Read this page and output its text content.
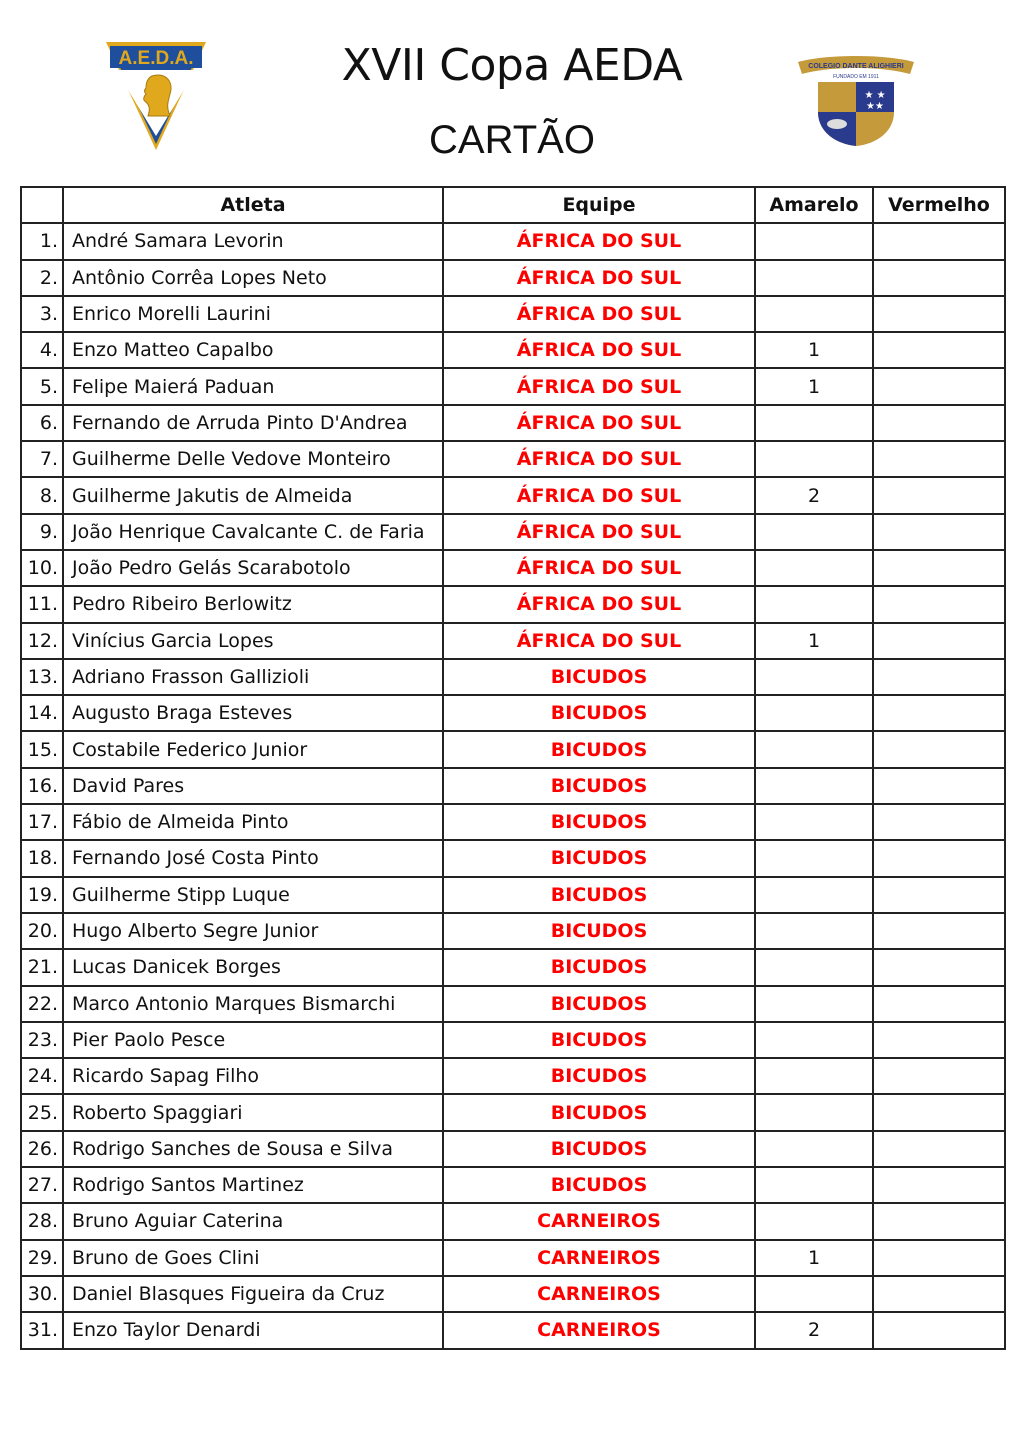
A.E.D.A.	XVII Copa AEDA
CARTÃO
COLEGIO DANTE ALIGHIERI
FUNDADO EM 1911
★ ★
★★
	Atleta	Equipe	Amarelo	Vermelho
1.	André Samara Levorin	ÁFRICA DO SUL		
2.	Antônio Corrêa Lopes Neto	ÁFRICA DO SUL		
3.	Enrico Morelli Laurini	ÁFRICA DO SUL		
4.	Enzo Matteo Capalbo	ÁFRICA DO SUL	1	
5.	Felipe Maierá Paduan	ÁFRICA DO SUL	1	
6.	Fernando de Arruda Pinto D'Andrea	ÁFRICA DO SUL		
7.	Guilherme Delle Vedove Monteiro	ÁFRICA DO SUL		
8.	Guilherme Jakutis de Almeida	ÁFRICA DO SUL	2	
9.	João Henrique Cavalcante C. de Faria	ÁFRICA DO SUL		
10.	João Pedro Gelás Scarabotolo	ÁFRICA DO SUL		
11.	Pedro Ribeiro Berlowitz	ÁFRICA DO SUL		
12.	Vinícius Garcia Lopes	ÁFRICA DO SUL	1	
13.	Adriano Frasson Gallizioli	BICUDOS		
14.	Augusto Braga Esteves	BICUDOS		
15.	Costabile Federico Junior	BICUDOS		
16.	David Pares	BICUDOS		
17.	Fábio de Almeida Pinto	BICUDOS		
18.	Fernando José Costa Pinto	BICUDOS		
19.	Guilherme Stipp Luque	BICUDOS		
20.	Hugo Alberto Segre Junior	BICUDOS		
21.	Lucas Danicek Borges	BICUDOS		
22.	Marco Antonio Marques Bismarchi	BICUDOS		
23.	Pier Paolo Pesce	BICUDOS		
24.	Ricardo Sapag Filho	BICUDOS		
25.	Roberto Spaggiari	BICUDOS		
26.	Rodrigo Sanches de Sousa e Silva	BICUDOS		
27.	Rodrigo Santos Martinez	BICUDOS		
28.	Bruno Aguiar Caterina	CARNEIROS		
29.	Bruno de Goes Clini	CARNEIROS	1	
30.	Daniel Blasques Figueira da Cruz	CARNEIROS		
31.	Enzo Taylor Denardi	CARNEIROS	2	
